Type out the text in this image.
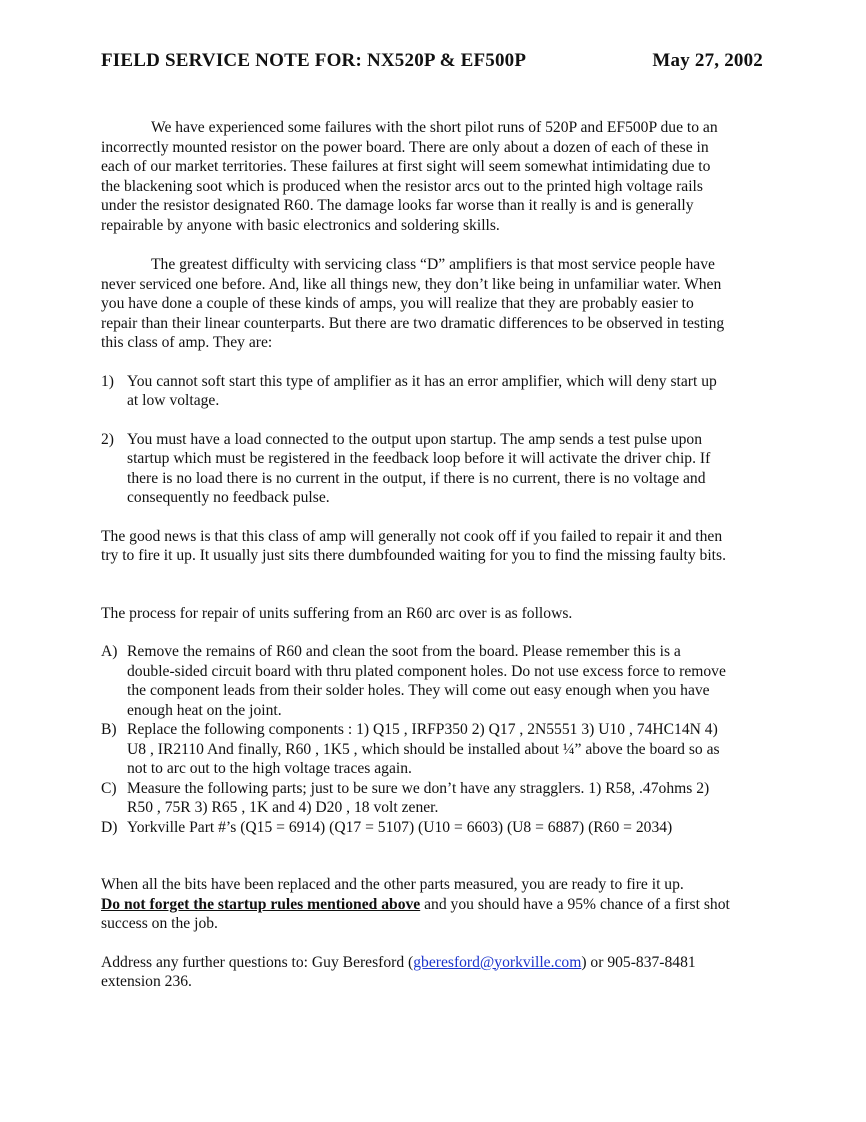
FIELD SERVICE NOTE FOR: NX520P & EF500P	May 27, 2002

We have experienced some failures with the short pilot runs of 520P and EF500P due to an incorrectly mounted resistor on the power board. There are only about a dozen of each of these in each of our market territories. These failures at first sight will seem somewhat intimidating due to the blackening soot which is produced when the resistor arcs out to the printed high voltage rails under the resistor designated R60. The damage looks far worse than it really is and is generally repairable by anyone with basic electronics and soldering skills.

The greatest difficulty with servicing class “D” amplifiers is that most service people have never serviced one before. And, like all things new, they don’t like being in unfamiliar water. When you have done a couple of these kinds of amps, you will realize that they are probably easier to repair than their linear counterparts. But there are two dramatic differences to be observed in testing this class of amp. They are:

1) You cannot soft start this type of amplifier as it has an error amplifier, which will deny start up at low voltage.
2) You must have a load connected to the output upon startup. The amp sends a test pulse upon startup which must be registered in the feedback loop before it will activate the driver chip. If there is no load there is no current in the output, if there is no current, there is no voltage and consequently no feedback pulse.

The good news is that this class of amp will generally not cook off if you failed to repair it and then try to fire it up. It usually just sits there dumbfounded waiting for you to find the missing faulty bits.

The process for repair of units suffering from an R60 arc over is as follows.

A) Remove the remains of R60 and clean the soot from the board. Please remember this is a double-sided circuit board with thru plated component holes. Do not use excess force to remove the component leads from their solder holes. They will come out easy enough when you have enough heat on the joint.
B) Replace the following components : 1) Q15 , IRFP350 2) Q17 , 2N5551 3) U10 , 74HC14N 4) U8 , IR2110 And finally, R60 , 1K5 , which should be installed about ¼” above the board so as not to arc out to the high voltage traces again.
C) Measure the following parts; just to be sure we don’t have any stragglers. 1) R58, .47ohms 2) R50 , 75R 3) R65 , 1K and 4) D20 , 18 volt zener.
D) Yorkville Part #’s (Q15 = 6914) (Q17 = 5107) (U10 = 6603) (U8 = 6887) (R60 = 2034)

When all the bits have been replaced and the other parts measured, you are ready to fire it up.
Do not forget the startup rules mentioned above and you should have a 95% chance of a first shot success on the job.

Address any further questions to: Guy Beresford (gberesford@yorkville.com) or 905-837-8481 extension 236.
